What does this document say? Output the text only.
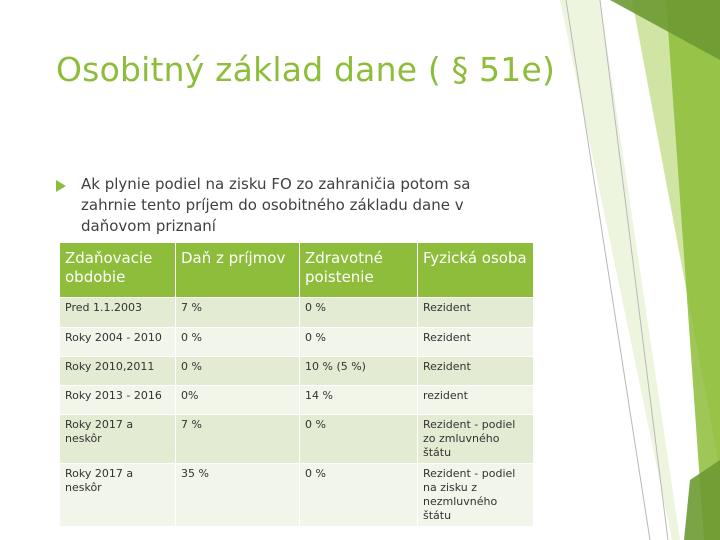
Osobitný základ dane ( § 51e)
Ak plynie podiel na zisku FO zo zahraničia potom sa zahrnie tento príjem do osobitného základu dane v daňovom priznaní
Zdaňovacie obdobie	Daň z príjmov	Zdravotné poistenie	Fyzická osoba
Pred 1.1.2003	7 %	0 %	Rezident
Roky 2004 - 2010	0 %	0 %	Rezident
Roky 2010,2011	0 %	10 % (5 %)	Rezident
Roky 2013 - 2016	0%	14 %	rezident
Roky 2017 a neskôr	7 %	0 %	Rezident - podiel zo zmluvného štátu
Roky 2017 a neskôr	35 %	0 %	Rezident - podiel na zisku z nezmluvného štátu
